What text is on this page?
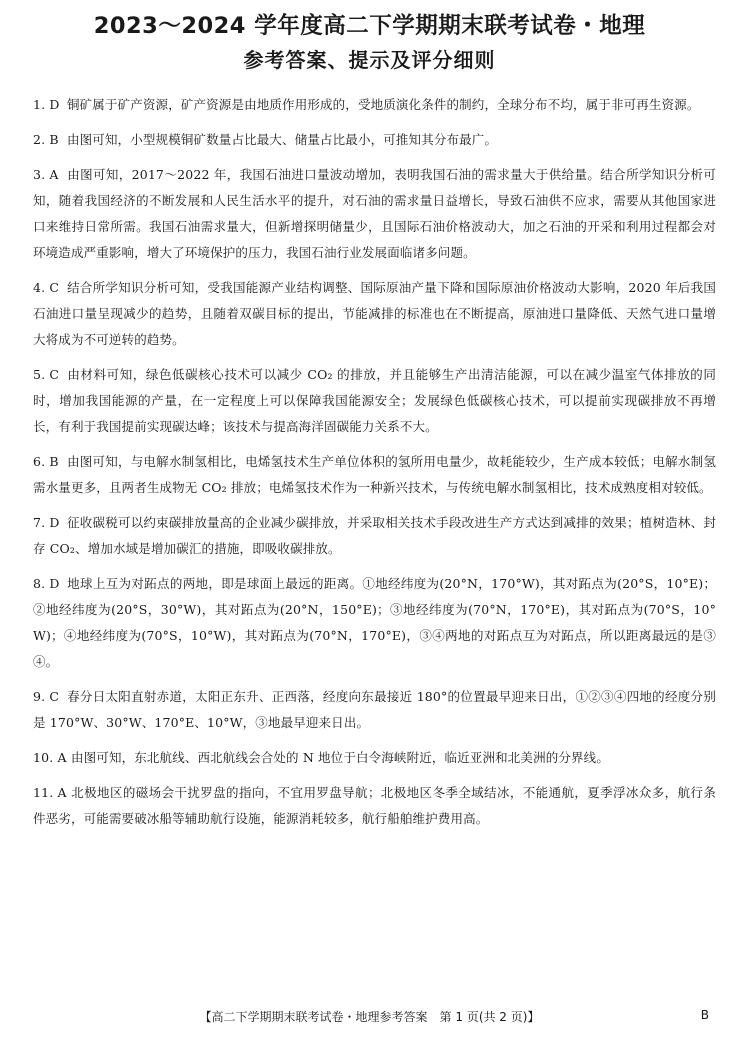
2023～2024 学年度高二下学期期末联考试卷・地理
参考答案、提示及评分细则
1. D 铜矿属于矿产资源，矿产资源是由地质作用形成的，受地质演化条件的制约，全球分布不均，属于非可再生资源。
2. B 由图可知，小型规模铜矿数量占比最大、储量占比最小，可推知其分布最广。
3. A 由图可知，2017～2022 年，我国石油进口量波动增加，表明我国石油的需求量大于供给量。结合所学知识分析可知，随着我国经济的不断发展和人民生活水平的提升，对石油的需求量日益增长，导致石油供不应求，需要从其他国家进口来维持日常所需。我国石油需求量大，但新增探明储量少，且国际石油价格波动大，加之石油的开采和利用过程都会对环境造成严重影响，增大了环境保护的压力，我国石油行业发展面临诸多问题。
4. C 结合所学知识分析可知，受我国能源产业结构调整、国际原油产量下降和国际原油价格波动大影响，2020 年后我国石油进口量呈现减少的趋势，且随着双碳目标的提出，节能减排的标准也在不断提高，原油进口量降低、天然气进口量增大将成为不可逆转的趋势。
5. C 由材料可知，绿色低碳核心技术可以减少 CO₂ 的排放，并且能够生产出清洁能源，可以在减少温室气体排放的同时，增加我国能源的产量，在一定程度上可以保障我国能源安全；发展绿色低碳核心技术，可以提前实现碳排放不再增长，有利于我国提前实现碳达峰；该技术与提高海洋固碳能力关系不大。
6. B 由图可知，与电解水制氢相比，电烯氢技术生产单位体积的氢所用电量少，故耗能较少，生产成本较低；电解水制氢需水量更多，且两者生成物无 CO₂ 排放；电烯氢技术作为一种新兴技术，与传统电解水制氢相比，技术成熟度相对较低。
7. D 征收碳税可以约束碳排放量高的企业减少碳排放，并采取相关技术手段改进生产方式达到减排的效果；植树造林、封存 CO₂、增加水域是增加碳汇的措施，即吸收碳排放。
8. D 地球上互为对跖点的两地，即是球面上最远的距离。①地经纬度为(20°N，170°W)，其对跖点为(20°S，10°E)；②地经纬度为(20°S，30°W)，其对跖点为(20°N，150°E)；③地经纬度为(70°N，170°E)，其对跖点为(70°S，10°W)；④地经纬度为(70°S，10°W)，其对跖点为(70°N，170°E)，③④两地的对跖点互为对跖点，所以距离最远的是③④。
9. C 春分日太阳直射赤道，太阳正东升、正西落，经度向东最接近 180°的位置最早迎来日出，①②③④四地的经度分别是 170°W、30°W、170°E、10°W，③地最早迎来日出。
10. A 由图可知，东北航线、西北航线会合处的 N 地位于白令海峡附近，临近亚洲和北美洲的分界线。
11. A 北极地区的磁场会干扰罗盘的指向，不宜用罗盘导航；北极地区冬季全域结冰，不能通航，夏季浮冰众多，航行条件恶劣，可能需要破冰船等辅助航行设施，能源消耗较多，航行船舶维护费用高。
【高二下学期期末联考试卷・地理参考答案　第 1 页(共 2 页)】	B
